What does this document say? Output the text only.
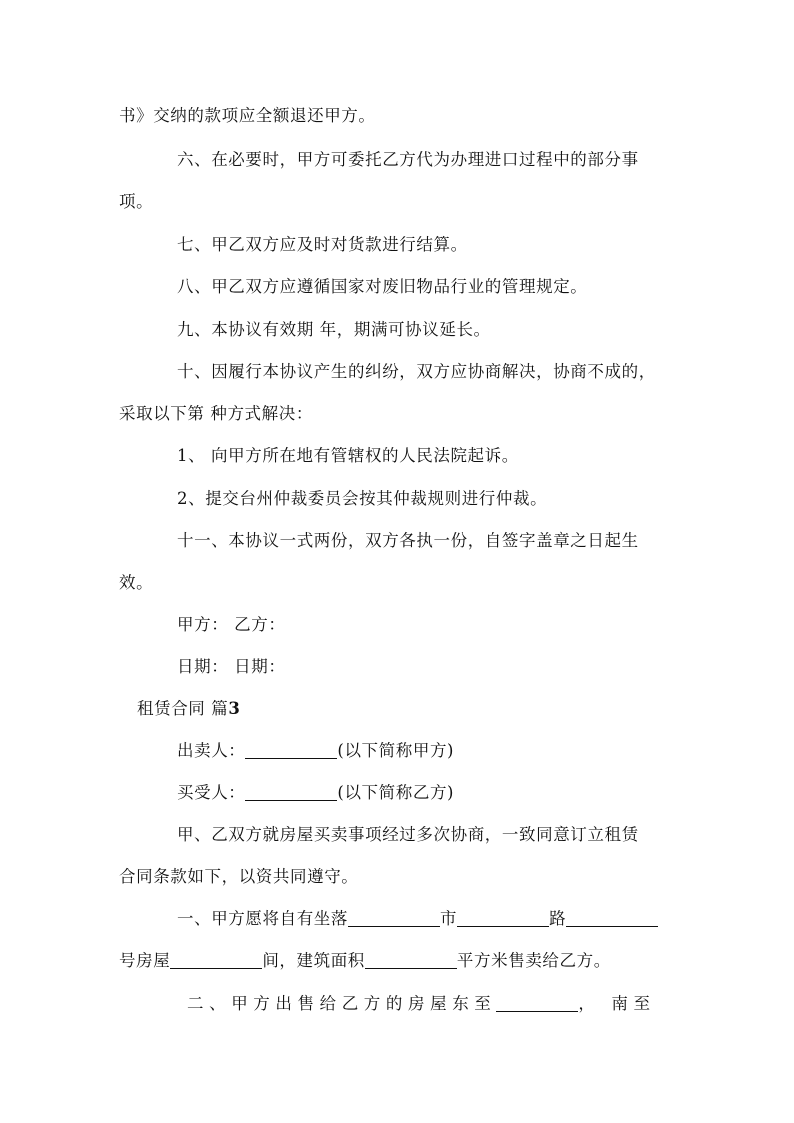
书》交纳的款项应全额退还甲方。
六、在必要时，甲方可委托乙方代为办理进口过程中的部分事
项。
七、甲乙双方应及时对货款进行结算。
八、甲乙双方应遵循国家对废旧物品行业的管理规定。
九、本协议有效期 年，期满可协议延长。
十、因履行本协议产生的纠纷，双方应协商解决，协商不成的，
采取以下第 种方式解决：
1、 向甲方所在地有管辖权的人民法院起诉。
2、提交台州仲裁委员会按其仲裁规则进行仲裁。
十一、本协议一式两份，双方各执一份，自签字盖章之日起生
效。
甲方： 乙方：
日期： 日期：
租赁合同 篇3
出卖人：	(以下简称甲方)
买受人：	(以下简称乙方)
甲、乙双方就房屋买卖事项经过多次协商，一致同意订立租赁
合同条款如下，以资共同遵守。
一、甲方愿将自有坐落	市	路
号房屋	间，建筑面积	平方米售卖给乙方。
二、甲方出售给乙方的房屋东至	， 南至
